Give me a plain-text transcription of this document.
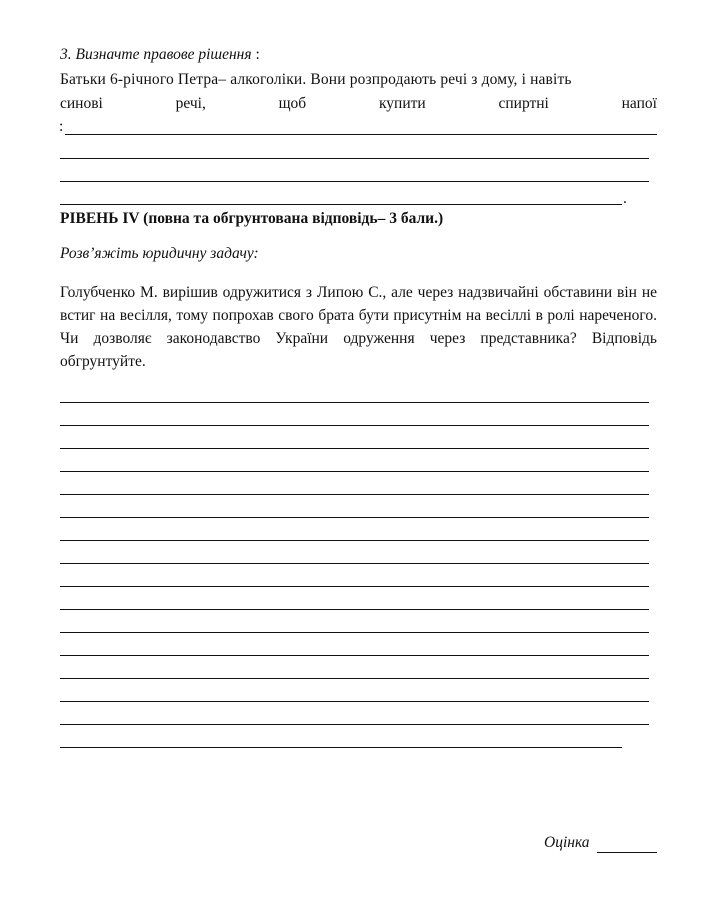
3. Визначте правове рішення :
Батьки 6-річного Петра– алкоголіки. Вони розпродають речі з дому, і навіть
синові	речі,	щоб	купити	спиртні	напої
:
.
РІВЕНЬ IV (повна та обгрунтована відповідь– 3 бали.)
Розв’яжіть юридичну задачу:
Голубченко М. вирішив одружитися з Липою С., але через надзвичайні обставини він не встиг на весілля, тому попрохав свого брата бути присутнім на весіллі в ролі нареченого. Чи дозволяє законодавство України одруження через представника? Відповідь обгрунтуйте.
Оцінка
